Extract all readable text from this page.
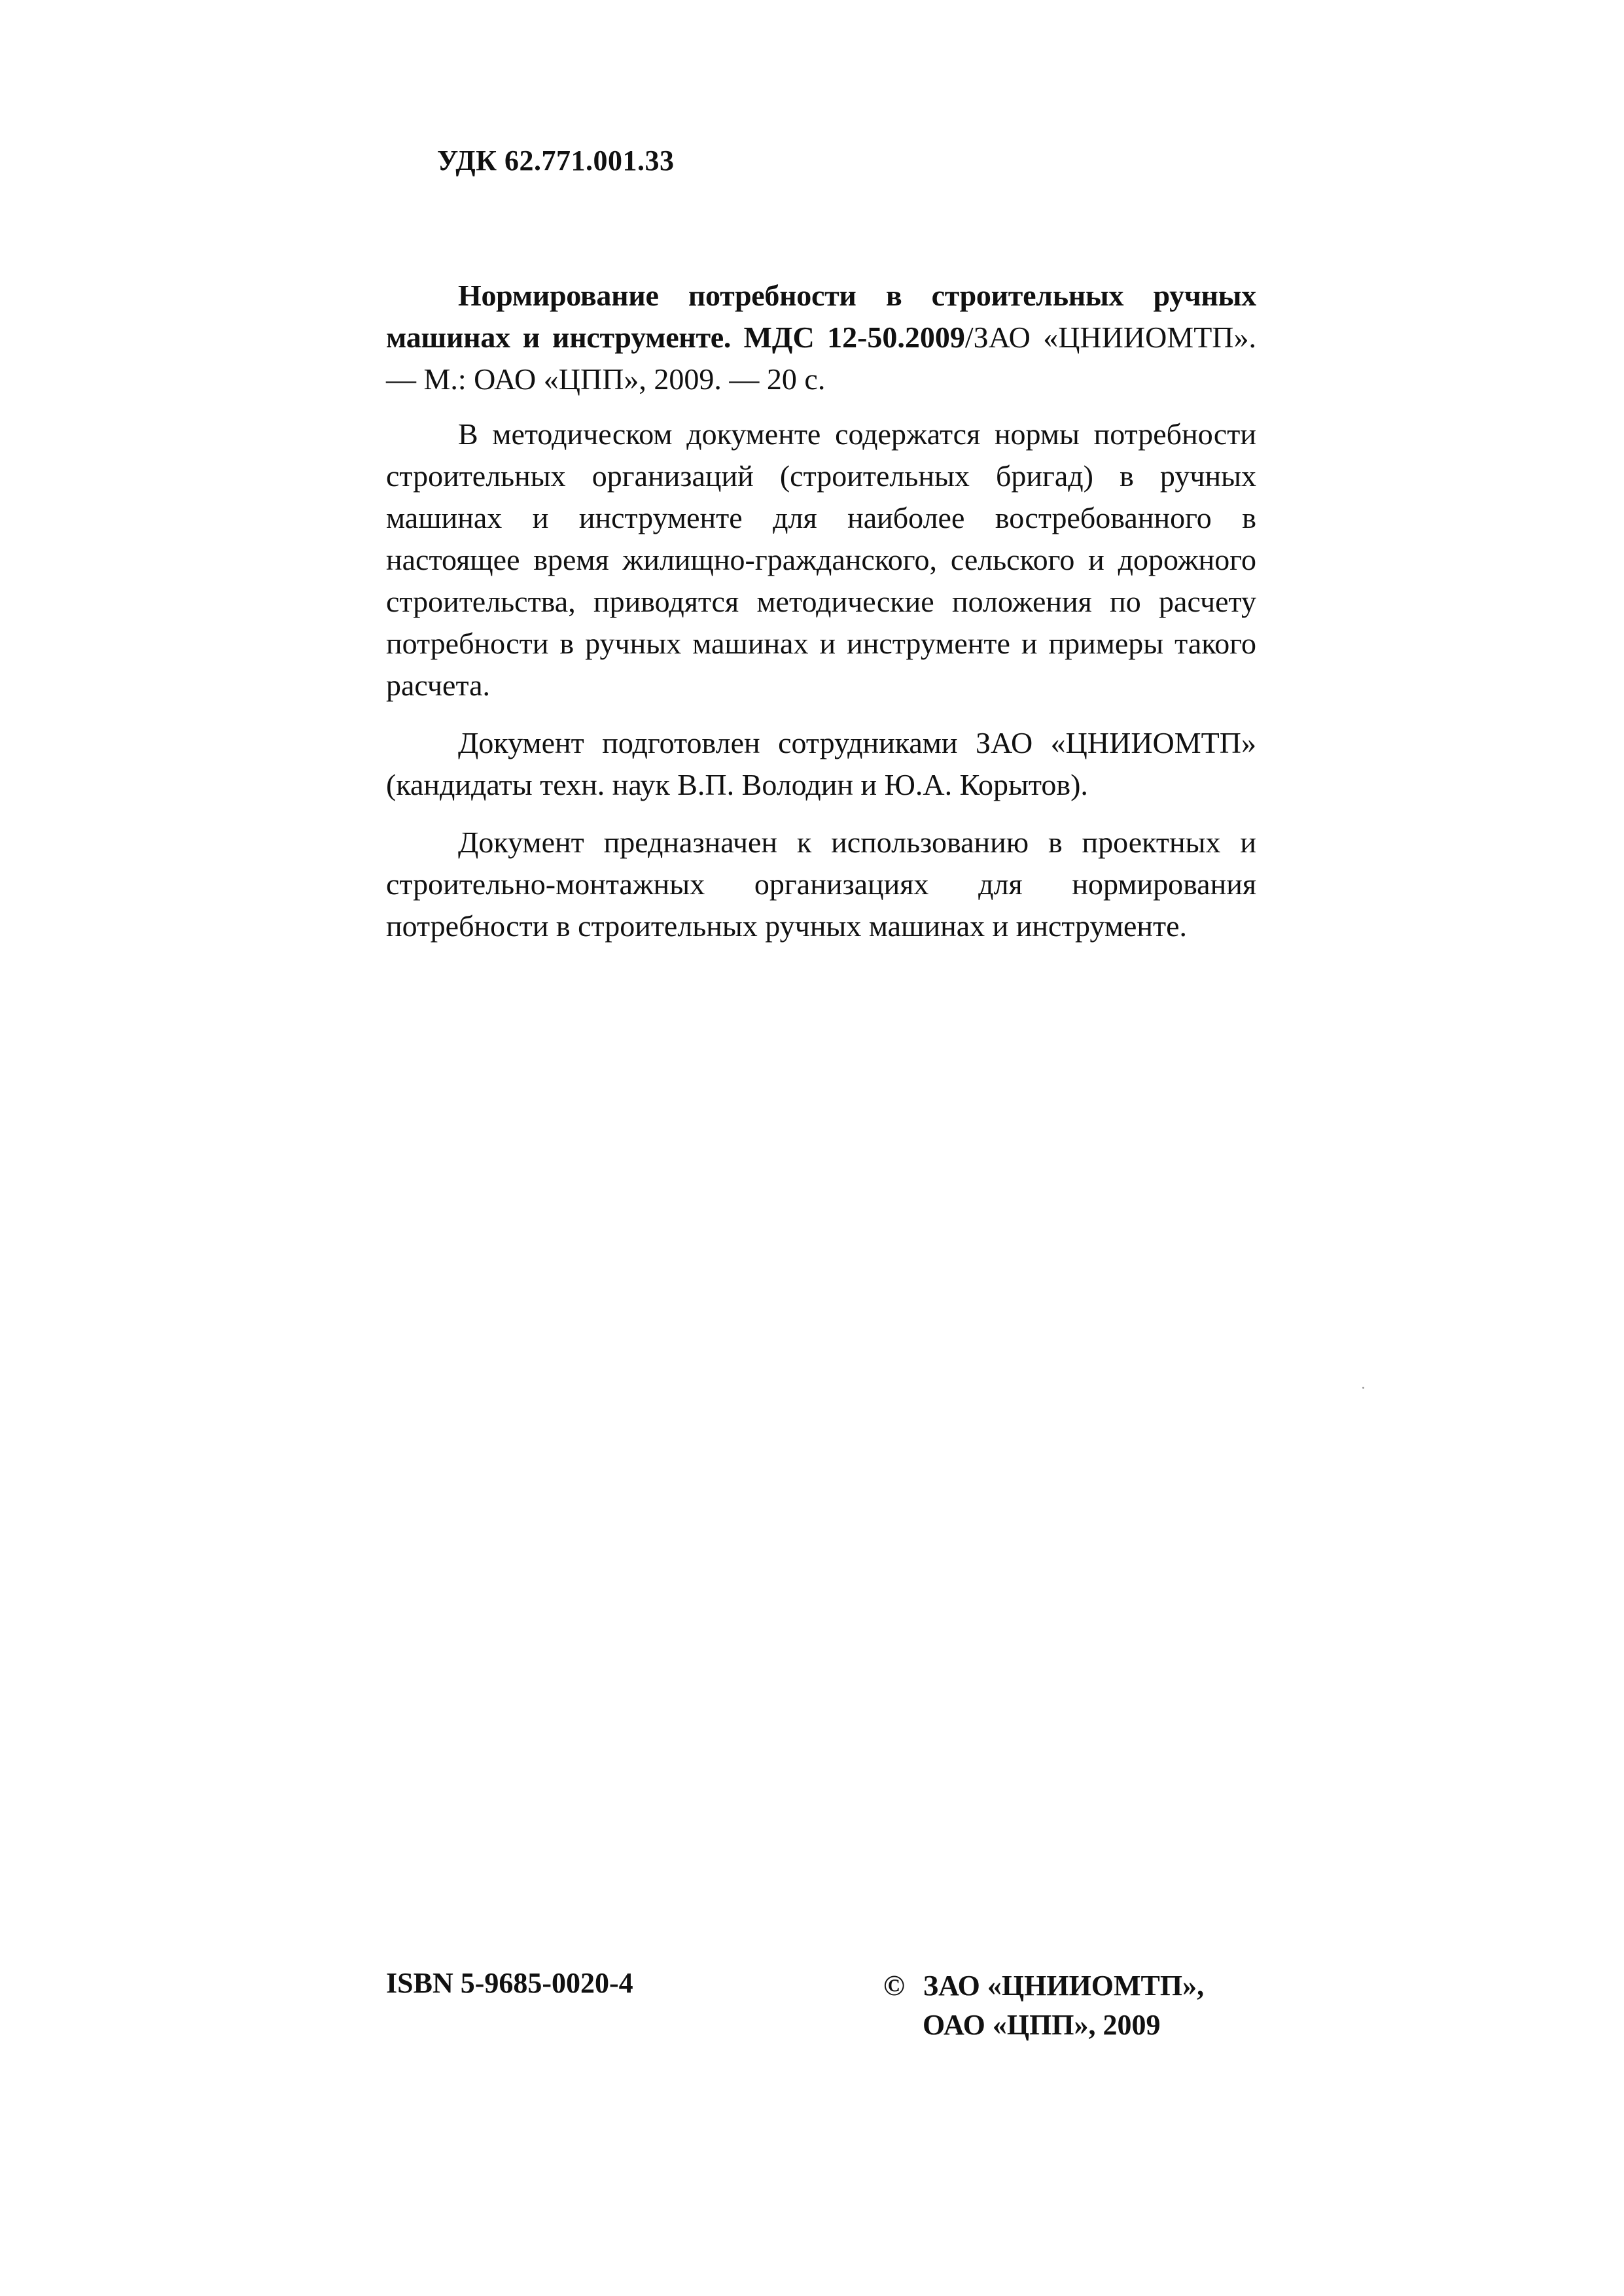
УДК 62.771.001.33

Нормирование потребности в строительных ручных машинах и инструменте. МДС 12-50.2009/ЗАО «ЦНИИОМТП». — М.: ОАО «ЦПП», 2009. — 20 с.

В методическом документе содержатся нормы потребности строительных организаций (строительных бригад) в ручных машинах и инструменте для наиболее востребованного в настоящее время жилищно-гражданского, сельского и дорожного строительства, приводятся методические положения по расчету потребности в ручных машинах и инструменте и примеры такого расчета.

Документ подготовлен сотрудниками ЗАО «ЦНИИОМТП» (кандидаты техн. наук В.П. Володин и Ю.А. Корытов).

Документ предназначен к использованию в проектных и строительно-монтажных организациях для нормирования потребности в строительных ручных машинах и инструменте.

ISBN 5-9685-0020-4	© ЗАО «ЦНИИОМТП»,
ОАО «ЦПП», 2009
